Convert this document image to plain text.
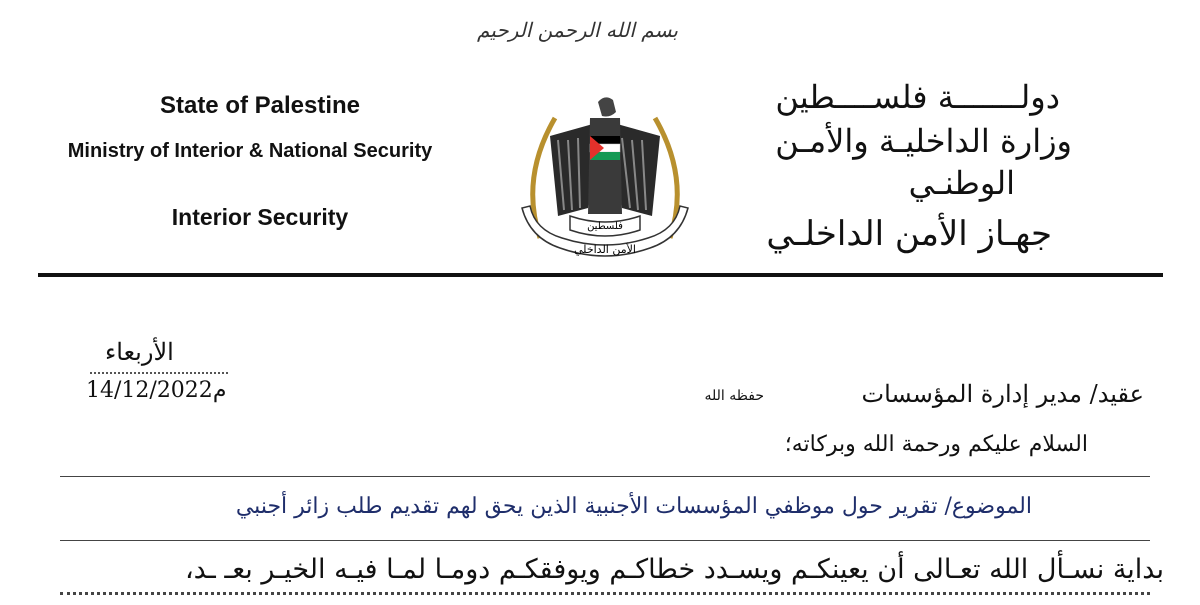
بسم الله الرحمن الرحيم
State of Palestine
Ministry of Interior & National Security
Interior Security
دولـــــــة فلســــطين
وزارة الداخليـة والأمـن
الوطنـي
جهـاز الأمن الداخلـي
فلسطين
الأمن الداخلي
الأربعاء
14/12/2022م	عقيد/ مدير إدارة المؤسسات
حفظه الله
السلام عليكم ورحمة الله وبركاته؛
الموضوع/ تقرير حول موظفي المؤسسات الأجنبية الذين يحق لهم تقديم طلب زائر أجنبي
بداية نسـأل الله تعـالى أن يعينكـم ويسـدد خطاكـم ويوفقكـم دومـا لمـا فيـه الخيـر بعـ ـد،
